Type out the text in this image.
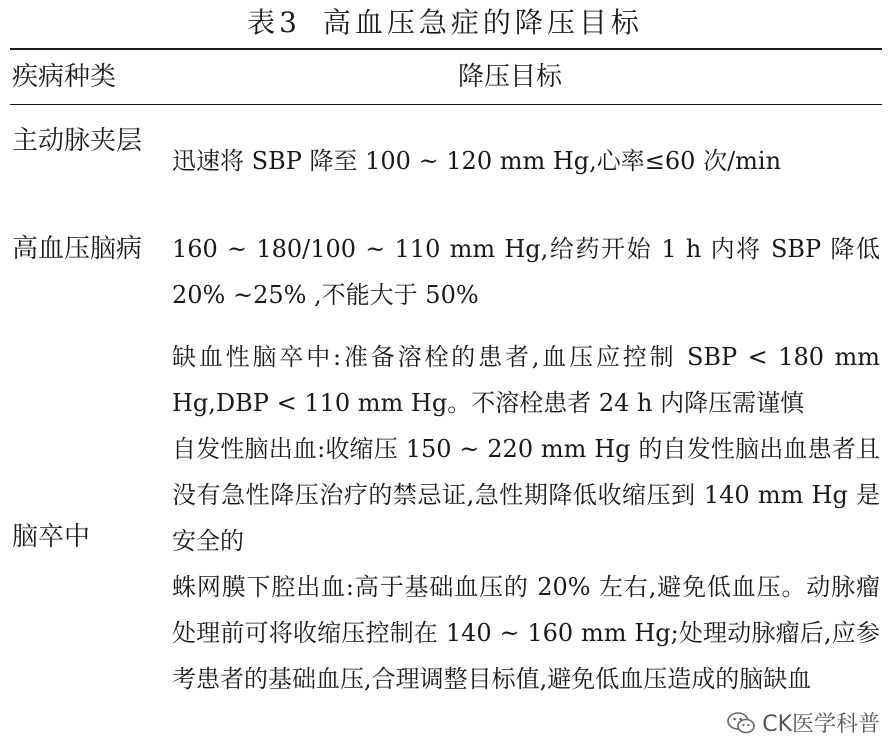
表3 高血压急症的降压目标
疾病种类	降压目标
主动脉夹层
迅速将 SBP 降至 100 ~ 120 mm Hg,心率≤60 次/min
高血压脑病	160 ~ 180/100 ~ 110 mm Hg,给药开始 1 h 内将 SBP 降低 20% ~25% ,不能大于 50%
脑卒中
缺血性脑卒中:准备溶栓的患者,血压应控制 SBP < 180 mm Hg,DBP < 110 mm Hg。不溶栓患者 24 h 内降压需谨慎
自发性脑出血:收缩压 150 ~ 220 mm Hg 的自发性脑出血患者且没有急性降压治疗的禁忌证,急性期降低收缩压到 140 mm Hg 是安全的
蛛网膜下腔出血:高于基础血压的 20% 左右,避免低血压。动脉瘤处理前可将收缩压控制在 140 ~ 160 mm Hg;处理动脉瘤后,应参考患者的基础血压,合理调整目标值,避免低血压造成的脑缺血
CK医学科普
